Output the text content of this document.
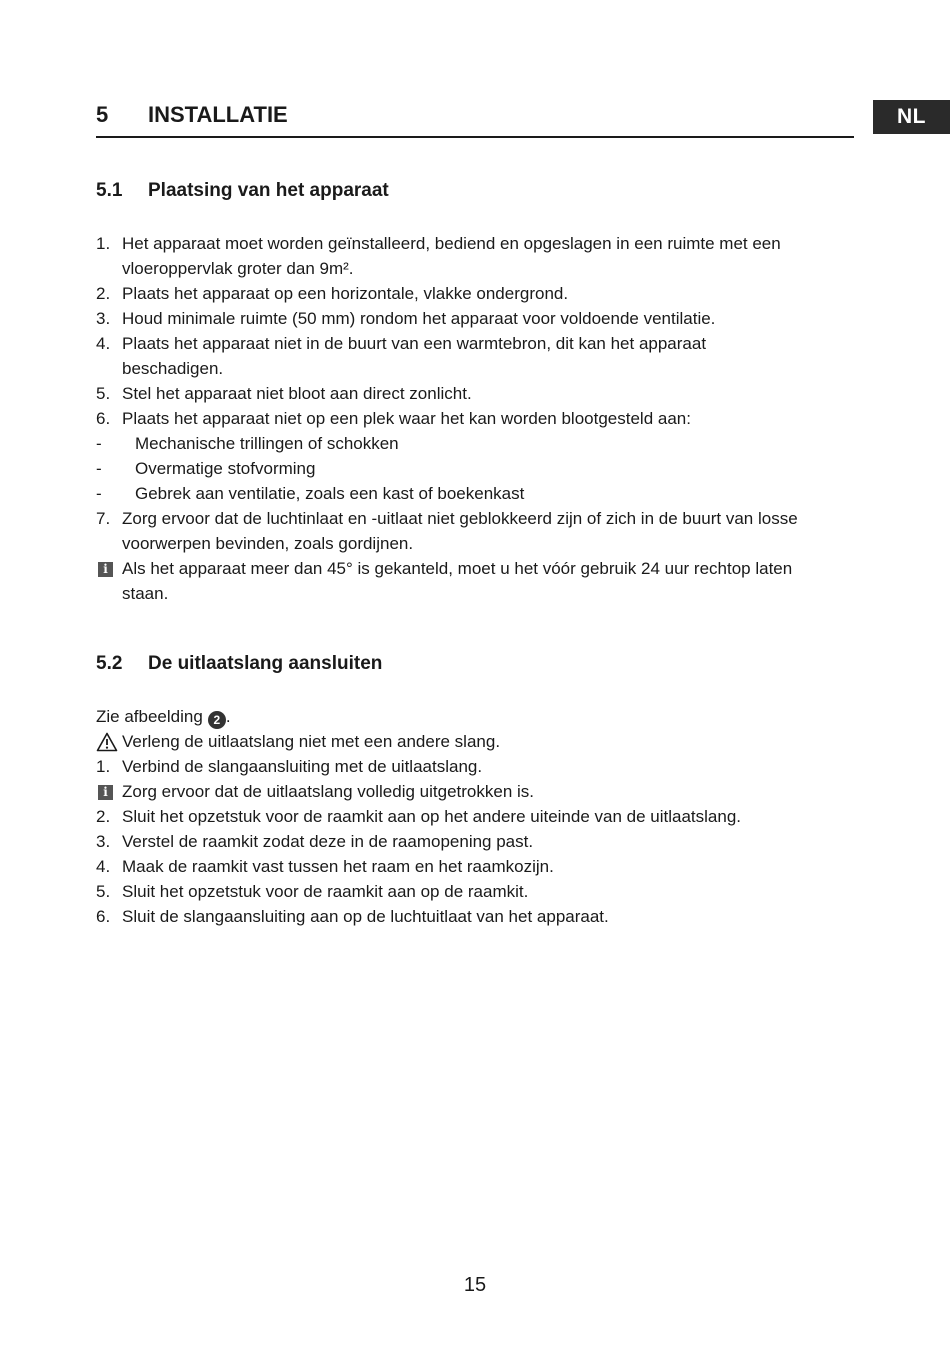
5 INSTALLATIE	NL
5.1 Plaatsing van het apparaat
1. Het apparaat moet worden geïnstalleerd, bediend en opgeslagen in een ruimte met een vloeroppervlak groter dan 9m².
2. Plaats het apparaat op een horizontale, vlakke ondergrond.
3. Houd minimale ruimte (50 mm) rondom het apparaat voor voldoende ventilatie.
4. Plaats het apparaat niet in de buurt van een warmtebron, dit kan het apparaat beschadigen.
5. Stel het apparaat niet bloot aan direct zonlicht.
6. Plaats het apparaat niet op een plek waar het kan worden blootgesteld aan:
-	Mechanische trillingen of schokken
-	Overmatige stofvorming
-	Gebrek aan ventilatie, zoals een kast of boekenkast
7. Zorg ervoor dat de luchtinlaat en -uitlaat niet geblokkeerd zijn of zich in de buurt van losse voorwerpen bevinden, zoals gordijnen.
i Als het apparaat meer dan 45° is gekanteld, moet u het vóór gebruik 24 uur rechtop laten staan.
5.2 De uitlaatslang aansluiten
Zie afbeelding 2 .
Verleng de uitlaatslang niet met een andere slang.
1. Verbind de slangaansluiting met de uitlaatslang.
i Zorg ervoor dat de uitlaatslang volledig uitgetrokken is.
2. Sluit het opzetstuk voor de raamkit aan op het andere uiteinde van de uitlaatslang.
3. Verstel de raamkit zodat deze in de raamopening past.
4. Maak de raamkit vast tussen het raam en het raamkozijn.
5. Sluit het opzetstuk voor de raamkit aan op de raamkit.
6. Sluit de slangaansluiting aan op de luchtuitlaat van het apparaat.
15
